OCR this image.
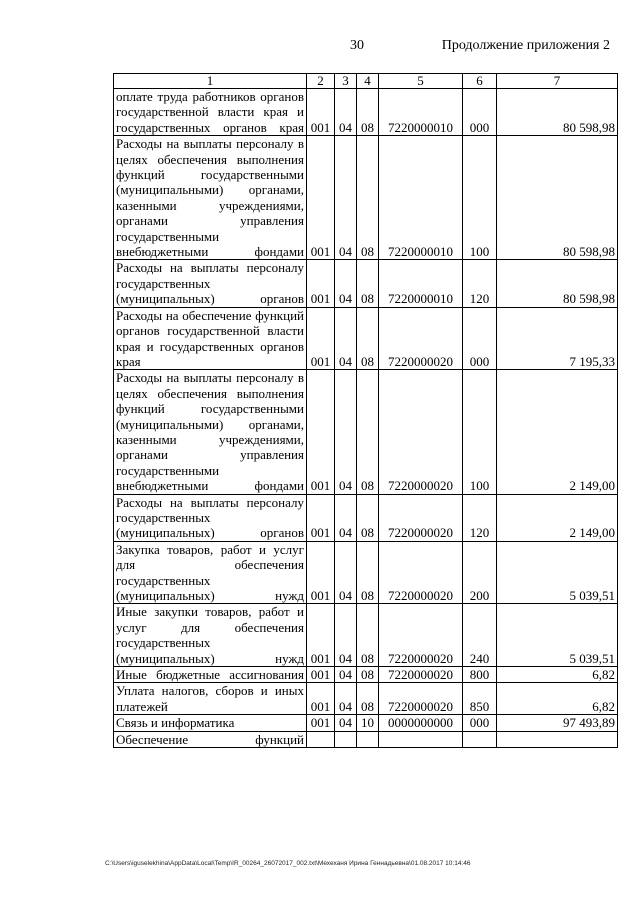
30	Продолжение приложения 2
1	2	3	4	5	6	7
оплате труда работников органов государственной власти края и государственных органов края	001	04	08	7220000010	000	80 598,98
Расходы на выплаты персоналу в целях обеспечения выполнения функций государственными (муниципальными) органами, казенными учреждениями, органами управления государственными внебюджетными фондами	001	04	08	7220000010	100	80 598,98
Расходы на выплаты персоналу государственных (муниципальных) органов	001	04	08	7220000010	120	80 598,98
Расходы на обеспечение функций органов государственной власти края и государственных органов края	001	04	08	7220000020	000	7 195,33
Расходы на выплаты персоналу в целях обеспечения выполнения функций государственными (муниципальными) органами, казенными учреждениями, органами управления государственными внебюджетными фондами	001	04	08	7220000020	100	2 149,00
Расходы на выплаты персоналу государственных (муниципальных) органов	001	04	08	7220000020	120	2 149,00
Закупка товаров, работ и услуг для обеспечения государственных (муниципальных) нужд	001	04	08	7220000020	200	5 039,51
Иные закупки товаров, работ и услуг для обеспечения государственных (муниципальных) нужд	001	04	08	7220000020	240	5 039,51
Иные бюджетные ассигнования	001	04	08	7220000020	800	6,82
Уплата налогов, сборов и иных платежей	001	04	08	7220000020	850	6,82
Связь и информатика	001	04	10	0000000000	000	97 493,89
Обеспечение функций						
C:\Users\iguselekhina\AppData\Local\Temp\IR_00264_26072017_002.txt\Мехеханя Ирина Геннадьевна\01.08.2017 10:14:46
